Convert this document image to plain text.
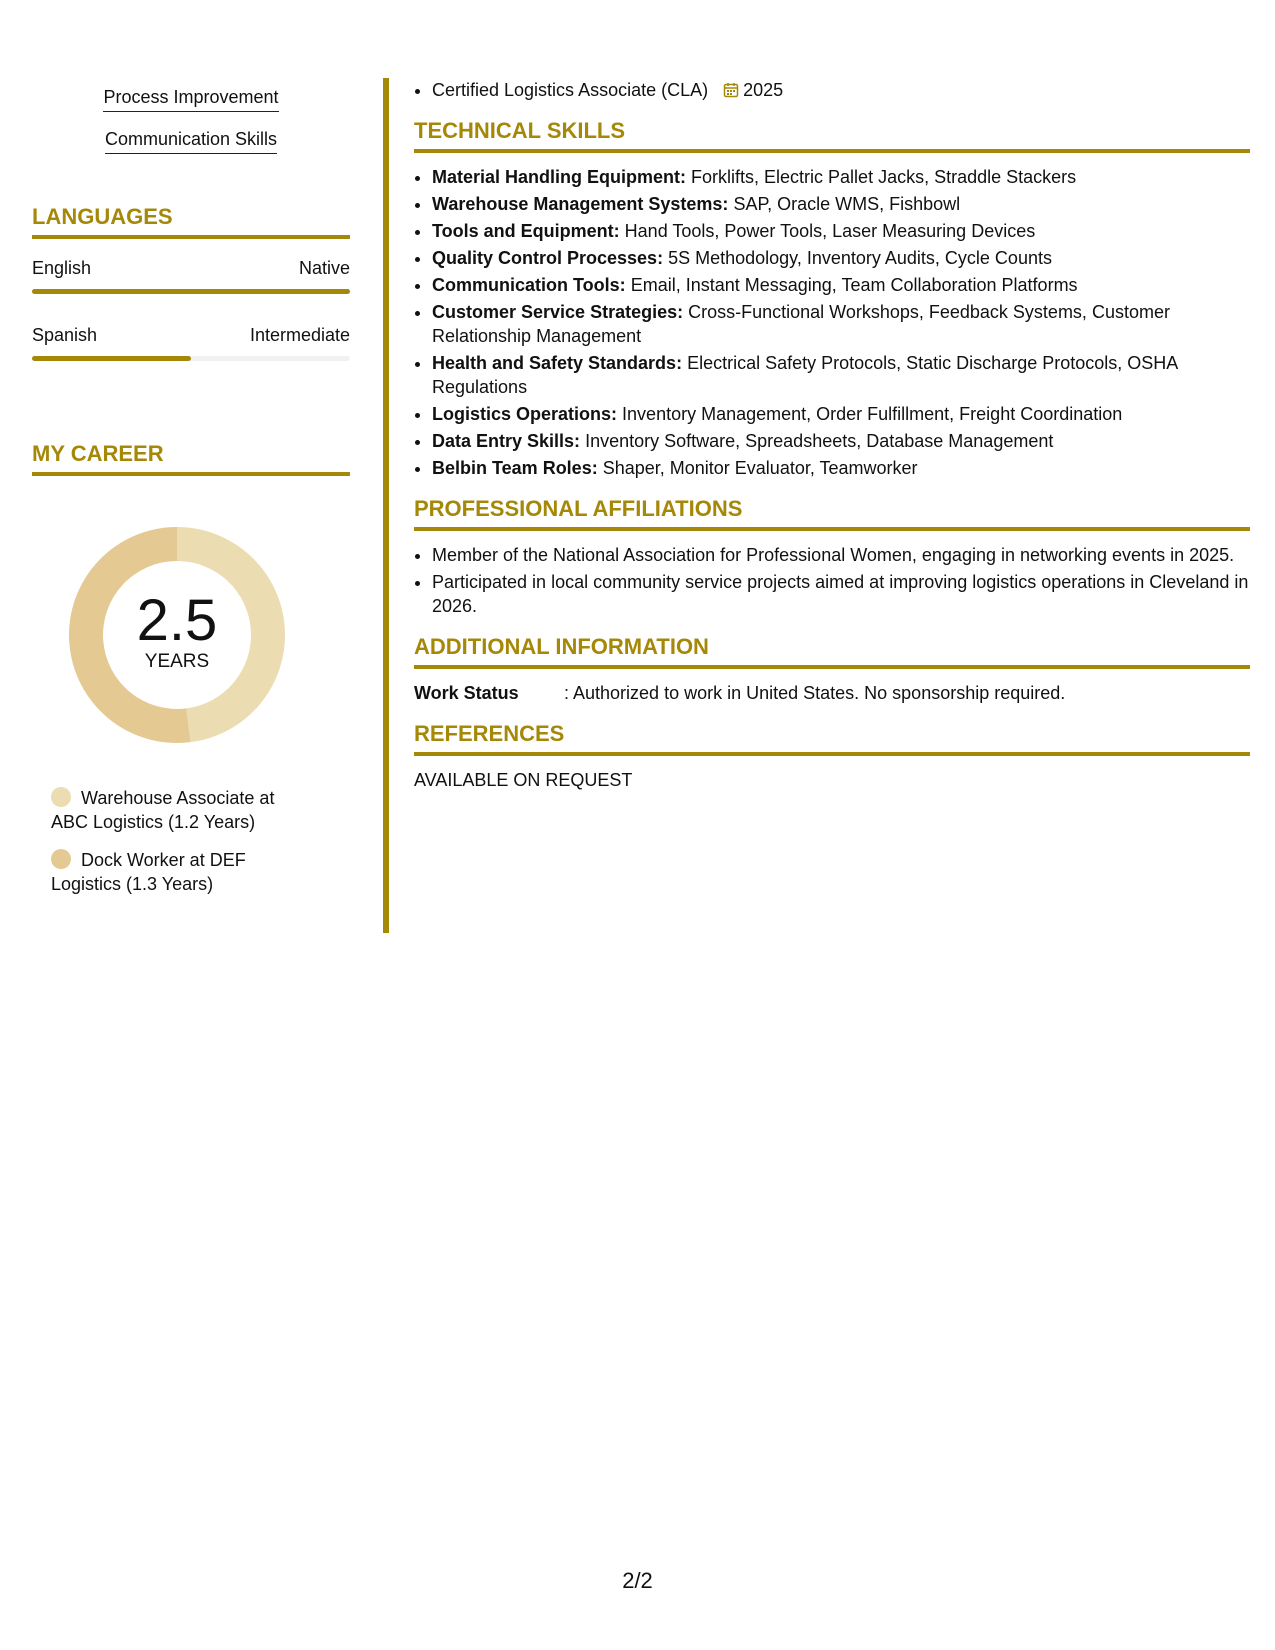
Process Improvement
Communication Skills
LANGUAGES
English	Native
Spanish	Intermediate
MY CAREER
2.5
YEARS
Warehouse Associate at ABC Logistics (1.2 Years)
Dock Worker at DEF Logistics (1.3 Years)
• Certified Logistics Associate (CLA) 2025
TECHNICAL SKILLS
• Material Handling Equipment: Forklifts, Electric Pallet Jacks, Straddle Stackers
• Warehouse Management Systems: SAP, Oracle WMS, Fishbowl
• Tools and Equipment: Hand Tools, Power Tools, Laser Measuring Devices
• Quality Control Processes: 5S Methodology, Inventory Audits, Cycle Counts
• Communication Tools: Email, Instant Messaging, Team Collaboration Platforms
• Customer Service Strategies: Cross-Functional Workshops, Feedback Systems, Customer Relationship Management
• Health and Safety Standards: Electrical Safety Protocols, Static Discharge Protocols, OSHA Regulations
• Logistics Operations: Inventory Management, Order Fulfillment, Freight Coordination
• Data Entry Skills: Inventory Software, Spreadsheets, Database Management
• Belbin Team Roles: Shaper, Monitor Evaluator, Teamworker
PROFESSIONAL AFFILIATIONS
• Member of the National Association for Professional Women, engaging in networking events in 2025.
• Participated in local community service projects aimed at improving logistics operations in Cleveland in 2026.
ADDITIONAL INFORMATION
Work Status	: Authorized to work in United States. No sponsorship required.
REFERENCES
AVAILABLE ON REQUEST
2/2
